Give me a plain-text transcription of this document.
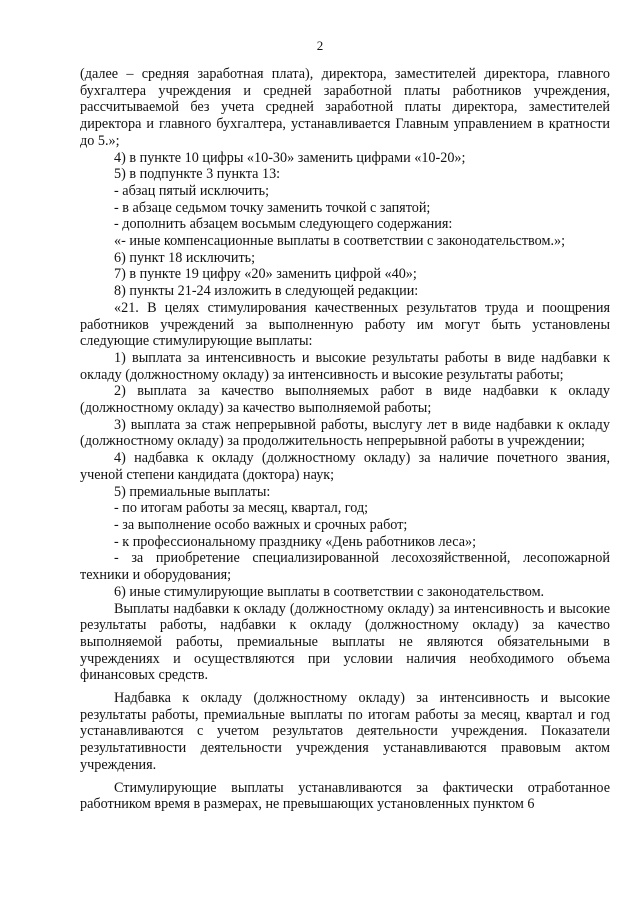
2

(далее – средняя заработная плата), директора, заместителей директора, главного бухгалтера учреждения и средней заработной платы работников учреждения, рассчитываемой без учета средней заработной платы директора, заместителей директора и главного бухгалтера, устанавливается Главным управлением в кратности до 5.»;

4) в пункте 10 цифры «10-30» заменить цифрами «10-20»;

5) в подпункте 3 пункта 13:

- абзац пятый исключить;

- в абзаце седьмом точку заменить точкой с запятой;

- дополнить абзацем восьмым следующего содержания:

«- иные компенсационные выплаты в соответствии с законодательством.»;

6) пункт 18 исключить;

7) в пункте 19 цифру «20» заменить цифрой «40»;

8) пункты 21-24 изложить в следующей редакции:

«21. В целях стимулирования качественных результатов труда и поощрения работников учреждений за выполненную работу им могут быть установлены следующие стимулирующие выплаты:

1) выплата за интенсивность и высокие результаты работы в виде надбавки к окладу (должностному окладу) за интенсивность и высокие результаты работы;

2) выплата за качество выполняемых работ в виде надбавки к окладу (должностному окладу) за качество выполняемой работы;

3) выплата за стаж непрерывной работы, выслугу лет в виде надбавки к окладу (должностному окладу) за продолжительность непрерывной работы в учреждении;

4) надбавка к окладу (должностному окладу) за наличие почетного звания, ученой степени кандидата (доктора) наук;

5) премиальные выплаты:

- по итогам работы за месяц, квартал, год;

- за выполнение особо важных и срочных работ;

- к профессиональному празднику «День работников леса»;

- за приобретение специализированной лесохозяйственной, лесопожарной техники и оборудования;

6) иные стимулирующие выплаты в соответствии с законодательством.

Выплаты надбавки к окладу (должностному окладу) за интенсивность и высокие результаты работы, надбавки к окладу (должностному окладу) за качество выполняемой работы, премиальные выплаты не являются обязательными в учреждениях и осуществляются при условии наличия необходимого объема финансовых средств.

Надбавка к окладу (должностному окладу) за интенсивность и высокие результаты работы, премиальные выплаты по итогам работы за месяц, квартал и год устанавливаются с учетом результатов деятельности учреждения. Показатели результативности деятельности учреждения устанавливаются правовым актом учреждения.

Стимулирующие выплаты устанавливаются за фактически отработанное работником время в размерах, не превышающих установленных пунктом 6
